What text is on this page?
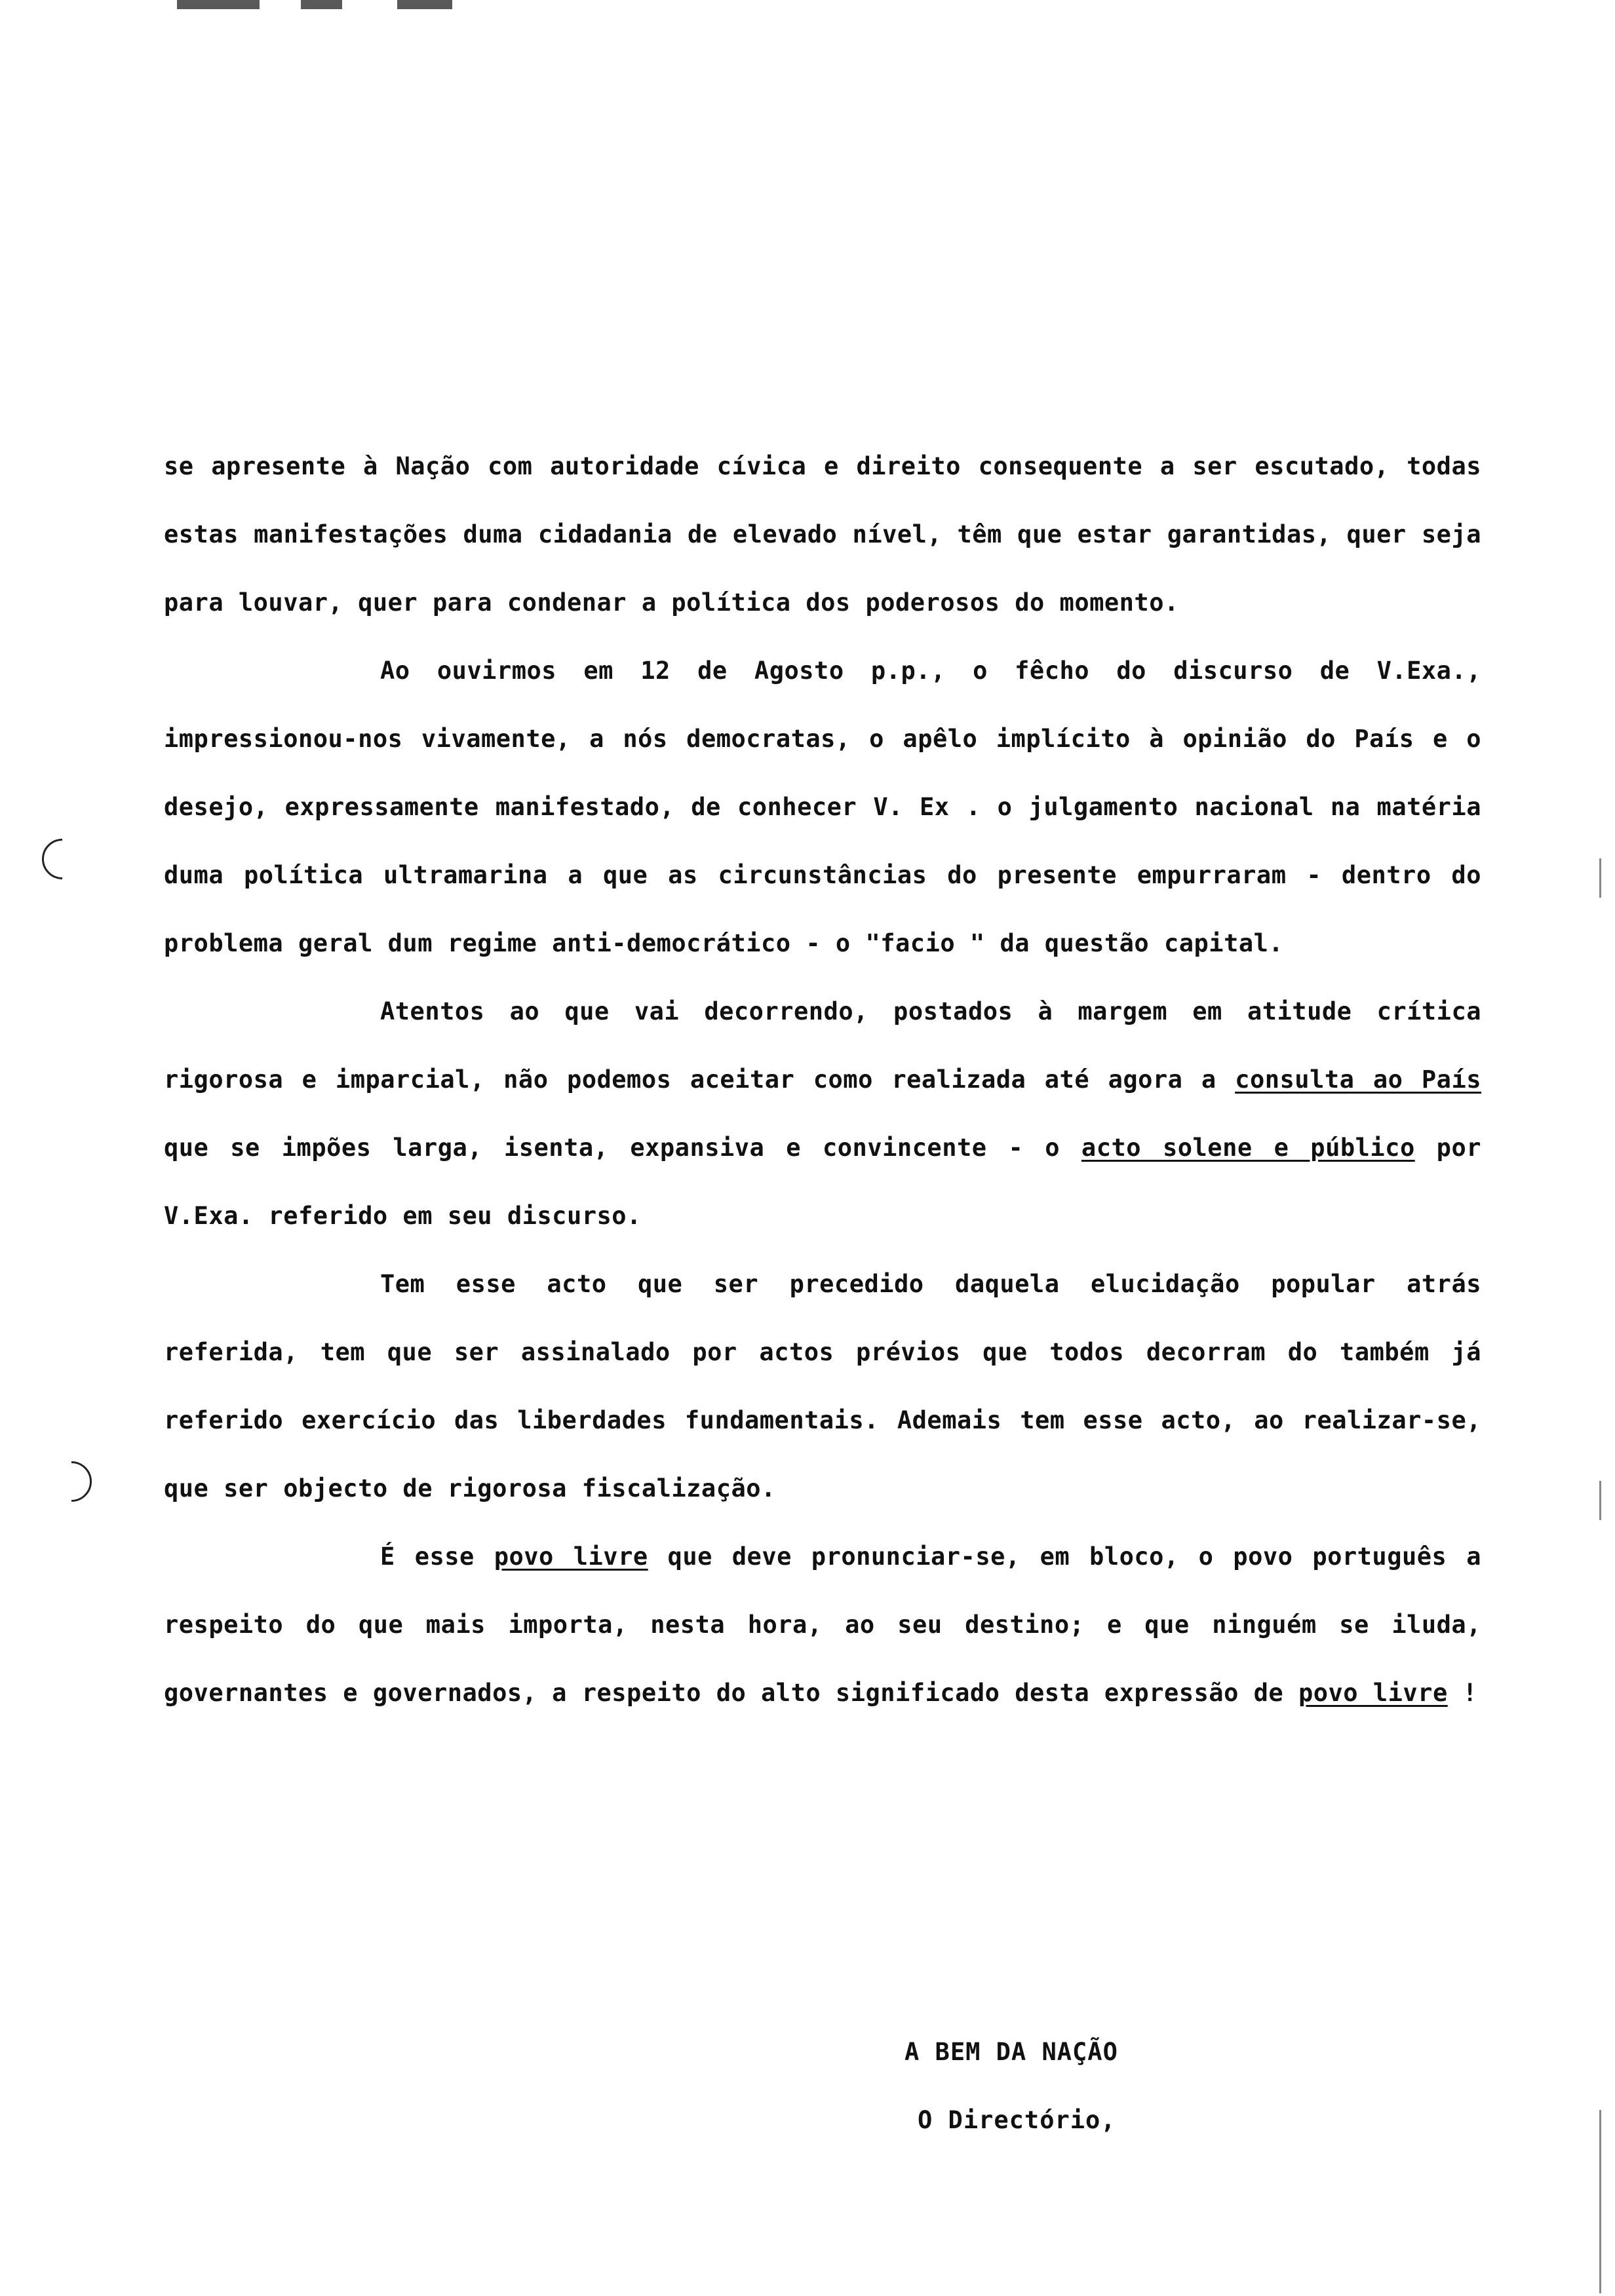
se apresente à Nação com autoridade cívica e direito consequente a ser escutado, todas estas manifestações duma cidadania de elevado nível, têm que estar garantidas, quer seja para louvar, quer para condenar a política dos poderosos do momento.

Ao ouvirmos em 12 de Agosto p.p., o fêcho do discurso de V.Exa., impressionou-nos vivamente, a nós democratas, o apêlo implícito à opinião do País e o desejo, expressamente manifestado, de conhecer V. Ex . o julgamento nacional na matéria duma política ultramarina a que as circunstâncias do presente empurraram - dentro do problema geral dum regime anti-democrático - o "facio " da questão capital.

Atentos ao que vai decorrendo, postados à margem em atitude crítica rigorosa e imparcial, não podemos aceitar como realizada até agora a consulta ao País que se impões larga, isenta, expansiva e convincente - o acto solene e público por V.Exa. referido em seu discurso.

Tem esse acto que ser precedido daquela elucidação popular atrás referida, tem que ser assinalado por actos prévios que todos decorram do também já referido exercício das liberdades fundamentais. Ademais tem esse acto, ao realizar-se, que ser objecto de rigorosa fiscalização.

É esse povo livre que deve pronunciar-se, em bloco, o povo português a respeito do que mais importa, nesta hora, ao seu destino; e que ninguém se iluda, governantes e governados, a respeito do alto significado desta expressão de povo livre !

A BEM DA NAÇÃO
O Directório,
